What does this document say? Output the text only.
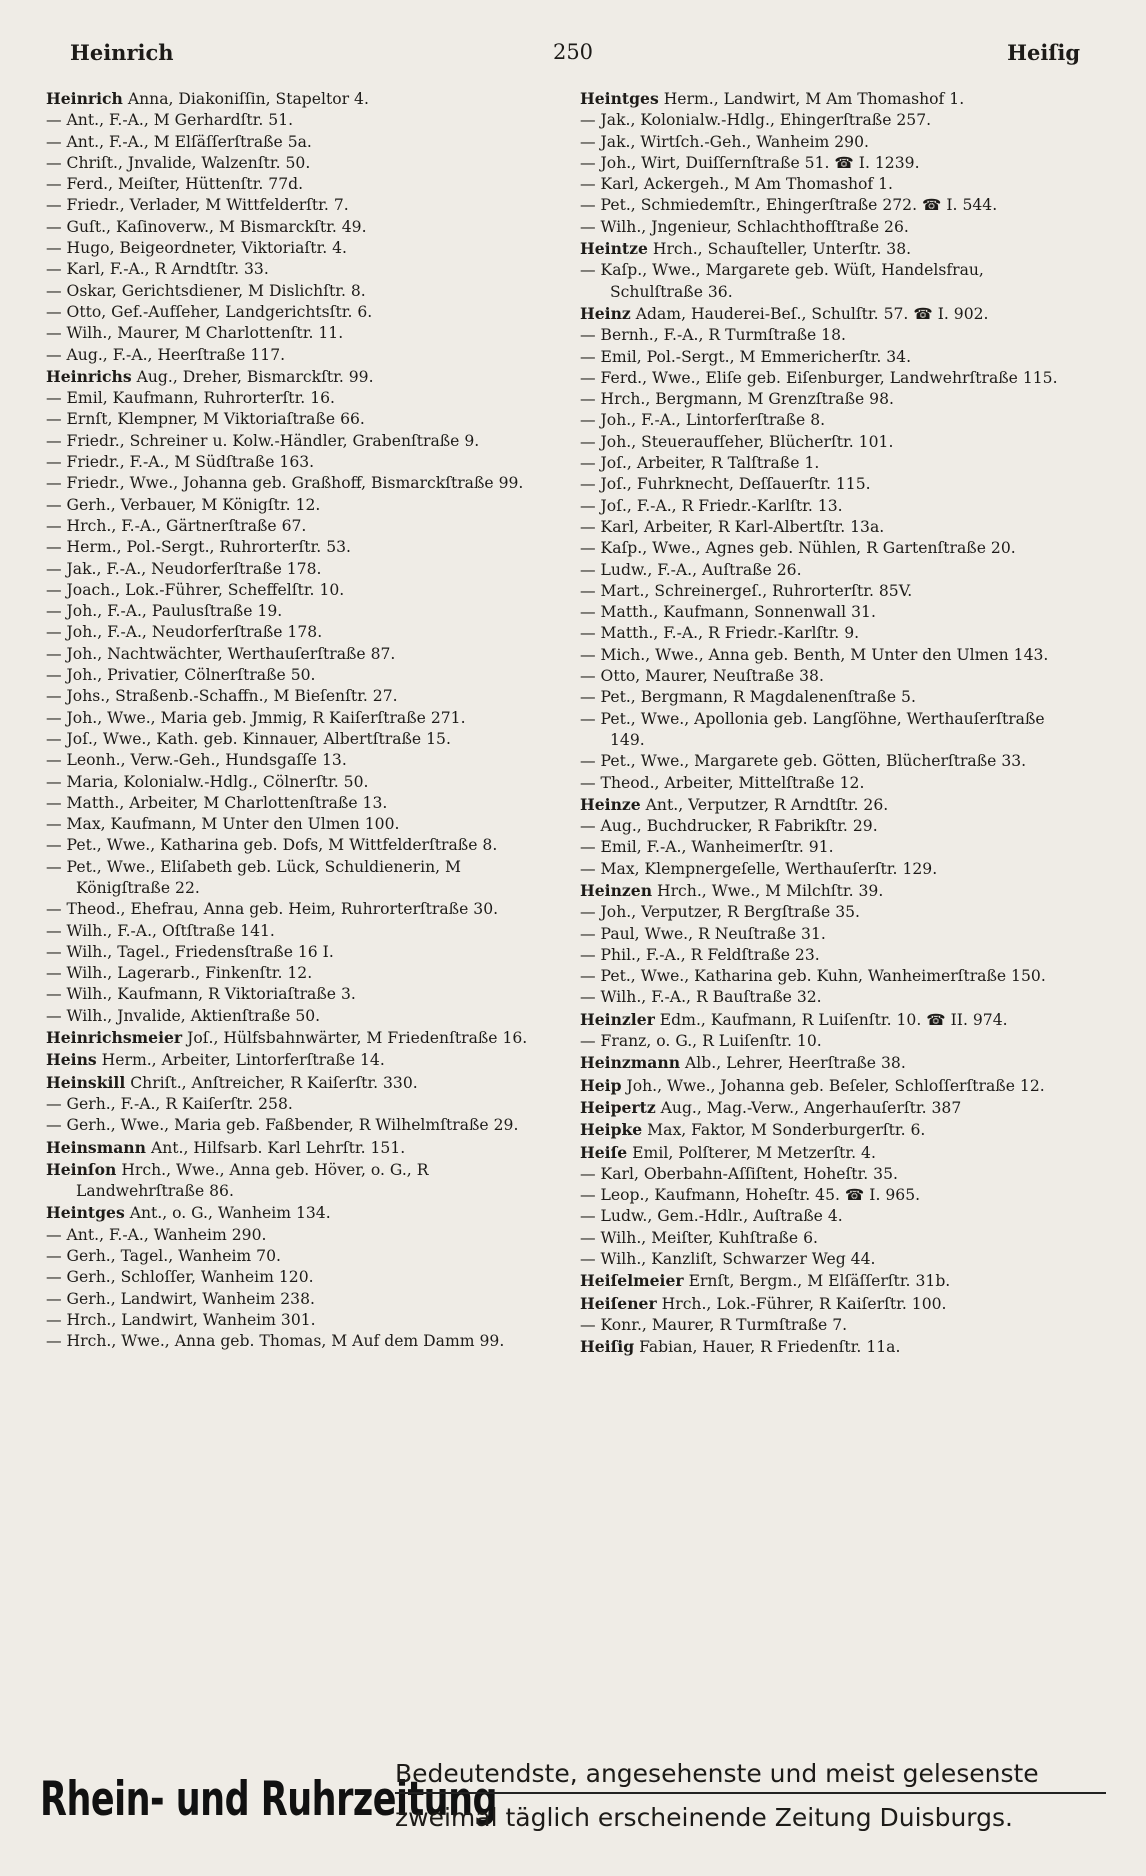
Heinrich	250	Heiſig
Heinrich Anna, Diakoniſſin, Stapeltor 4.
— Ant., F.-A., M Gerhardſtr. 51.
— Ant., F.-A., M Elſäſſerſtraße 5a.
— Chriſt., Jnvalide, Walzenſtr. 50.
— Ferd., Meiſter, Hüttenſtr. 77d.
— Friedr., Verlader, M Wittfelderſtr. 7.
— Guſt., Kaſinoverw., M Bismarckſtr. 49.
— Hugo, Beigeordneter, Viktoriaſtr. 4.
— Karl, F.-A., R Arndtſtr. 33.
— Oskar, Gerichtsdiener, M Dislichſtr. 8.
— Otto, Gef.-Aufſeher, Landgerichtsſtr. 6.
— Wilh., Maurer, M Charlottenſtr. 11.
— Aug., F.-A., Heerſtraße 117.
Heinrichs Aug., Dreher, Bismarckſtr. 99.
— Emil, Kaufmann, Ruhrorterſtr. 16.
— Ernſt, Klempner, M Viktoriaſtraße 66.
— Friedr., Schreiner u. Kolw.-Händler, Grabenſtraße 9.
— Friedr., F.-A., M Südſtraße 163.
— Friedr., Wwe., Johanna geb. Graßhoff, Bismarckſtraße 99.
— Gerh., Verbauer, M Königſtr. 12.
— Hrch., F.-A., Gärtnerſtraße 67.
— Herm., Pol.-Sergt., Ruhrorterſtr. 53.
— Jak., F.-A., Neudorferſtraße 178.
— Joach., Lok.-Führer, Scheffelſtr. 10.
— Joh., F.-A., Paulusſtraße 19.
— Joh., F.-A., Neudorferſtraße 178.
— Joh., Nachtwächter, Werthauſerſtraße 87.
— Joh., Privatier, Cölnerſtraße 50.
— Johs., Straßenb.-Schaffn., M Bieſenſtr. 27.
— Joh., Wwe., Maria geb. Jmmig, R Kaiſerſtraße 271.
— Joſ., Wwe., Kath. geb. Kinnauer, Albertſtraße 15.
— Leonh., Verw.-Geh., Hundsgaſſe 13.
— Maria, Kolonialw.-Hdlg., Cölnerſtr. 50.
— Matth., Arbeiter, M Charlottenſtraße 13.
— Max, Kaufmann, M Unter den Ulmen 100.
— Pet., Wwe., Katharina geb. Dofs, M Wittfelderſtraße 8.
— Pet., Wwe., Eliſabeth geb. Lück, Schuldienerin, M Königſtraße 22.
— Theod., Ehefrau, Anna geb. Heim, Ruhrorterſtraße 30.
— Wilh., F.-A., Oſtſtraße 141.
— Wilh., Tagel., Friedensſtraße 16 I.
— Wilh., Lagerarb., Finkenſtr. 12.
— Wilh., Kaufmann, R Viktoriaſtraße 3.
— Wilh., Jnvalide, Aktienſtraße 50.
Heinrichsmeier Joſ., Hülfsbahnwärter, M Friedenſtraße 16.
Heins Herm., Arbeiter, Lintorferſtraße 14.
Heinskill Chriſt., Anſtreicher, R Kaiſerſtr. 330.
— Gerh., F.-A., R Kaiſerſtr. 258.
— Gerh., Wwe., Maria geb. Faßbender, R Wilhelmſtraße 29.
Heinsmann Ant., Hilfsarb. Karl Lehrſtr. 151.
Heinſon Hrch., Wwe., Anna geb. Höver, o. G., R Landwehrſtraße 86.
Heintges Ant., o. G., Wanheim 134.
— Ant., F.-A., Wanheim 290.
— Gerh., Tagel., Wanheim 70.
— Gerh., Schloſſer, Wanheim 120.
— Gerh., Landwirt, Wanheim 238.
— Hrch., Landwirt, Wanheim 301.
— Hrch., Wwe., Anna geb. Thomas, M Auf dem Damm 99.
Heintges Herm., Landwirt, M Am Thomashof 1.
— Jak., Kolonialw.-Hdlg., Ehingerſtraße 257.
— Jak., Wirtſch.-Geh., Wanheim 290.
— Joh., Wirt, Duiſſernſtraße 51. ☎ I. 1239.
— Karl, Ackergeh., M Am Thomashof 1.
— Pet., Schmiedemſtr., Ehingerſtraße 272. ☎ I. 544.
— Wilh., Jngenieur, Schlachthofſtraße 26.
Heintze Hrch., Schauſteller, Unterſtr. 38.
— Kaſp., Wwe., Margarete geb. Wüſt, Handelsfrau, Schulſtraße 36.
Heinz Adam, Hauderei-Beſ., Schulſtr. 57. ☎ I. 902.
— Bernh., F.-A., R Turmſtraße 18.
— Emil, Pol.-Sergt., M Emmericherſtr. 34.
— Ferd., Wwe., Eliſe geb. Eiſenburger, Landwehrſtraße 115.
— Hrch., Bergmann, M Grenzſtraße 98.
— Joh., F.-A., Lintorferſtraße 8.
— Joh., Steueraufſeher, Blücherſtr. 101.
— Joſ., Arbeiter, R Talſtraße 1.
— Joſ., Fuhrknecht, Deſſauerſtr. 115.
— Joſ., F.-A., R Friedr.-Karlſtr. 13.
— Karl, Arbeiter, R Karl-Albertſtr. 13a.
— Kaſp., Wwe., Agnes geb. Nühlen, R Gartenſtraße 20.
— Ludw., F.-A., Auſtraße 26.
— Mart., Schreinergeſ., Ruhrorterſtr. 85V.
— Matth., Kaufmann, Sonnenwall 31.
— Matth., F.-A., R Friedr.-Karlſtr. 9.
— Mich., Wwe., Anna geb. Benth, M Unter den Ulmen 143.
— Otto, Maurer, Neuſtraße 38.
— Pet., Bergmann, R Magdalenenſtraße 5.
— Pet., Wwe., Apollonia geb. Langſöhne, Werthauſerſtraße 149.
— Pet., Wwe., Margarete geb. Götten, Blücherſtraße 33.
— Theod., Arbeiter, Mittelſtraße 12.
Heinze Ant., Verputzer, R Arndtſtr. 26.
— Aug., Buchdrucker, R Fabrikſtr. 29.
— Emil, F.-A., Wanheimerſtr. 91.
— Max, Klempnergeſelle, Werthauſerſtr. 129.
Heinzen Hrch., Wwe., M Milchſtr. 39.
— Joh., Verputzer, R Bergſtraße 35.
— Paul, Wwe., R Neuſtraße 31.
— Phil., F.-A., R Feldſtraße 23.
— Pet., Wwe., Katharina geb. Kuhn, Wanheimerſtraße 150.
— Wilh., F.-A., R Bauſtraße 32.
Heinzler Edm., Kaufmann, R Luiſenſtr. 10. ☎ II. 974.
— Franz, o. G., R Luiſenſtr. 10.
Heinzmann Alb., Lehrer, Heerſtraße 38.
Heip Joh., Wwe., Johanna geb. Beſeler, Schloſſerſtraße 12.
Heipertz Aug., Mag.-Verw., Angerhauſerſtr. 387
Heipke Max, Faktor, M Sonderburgerſtr. 6.
Heiſe Emil, Polſterer, M Metzerſtr. 4.
— Karl, Oberbahn-Aſſiſtent, Hoheſtr. 35.
— Leop., Kaufmann, Hoheſtr. 45. ☎ I. 965.
— Ludw., Gem.-Hdlr., Auſtraße 4.
— Wilh., Meiſter, Kuhſtraße 6.
— Wilh., Kanzliſt, Schwarzer Weg 44.
Heiſelmeier Ernſt, Bergm., M Elſäſſerſtr. 31b.
Heiſener Hrch., Lok.-Führer, R Kaiſerſtr. 100.
— Konr., Maurer, R Turmſtraße 7.
Heiſig Fabian, Hauer, R Friedenſtr. 11a.
Rhein- und Ruhrzeitung
Bedeutendste, angesehenste und meist gelesenste
zweimal täglich erscheinende Zeitung Duisburgs.
